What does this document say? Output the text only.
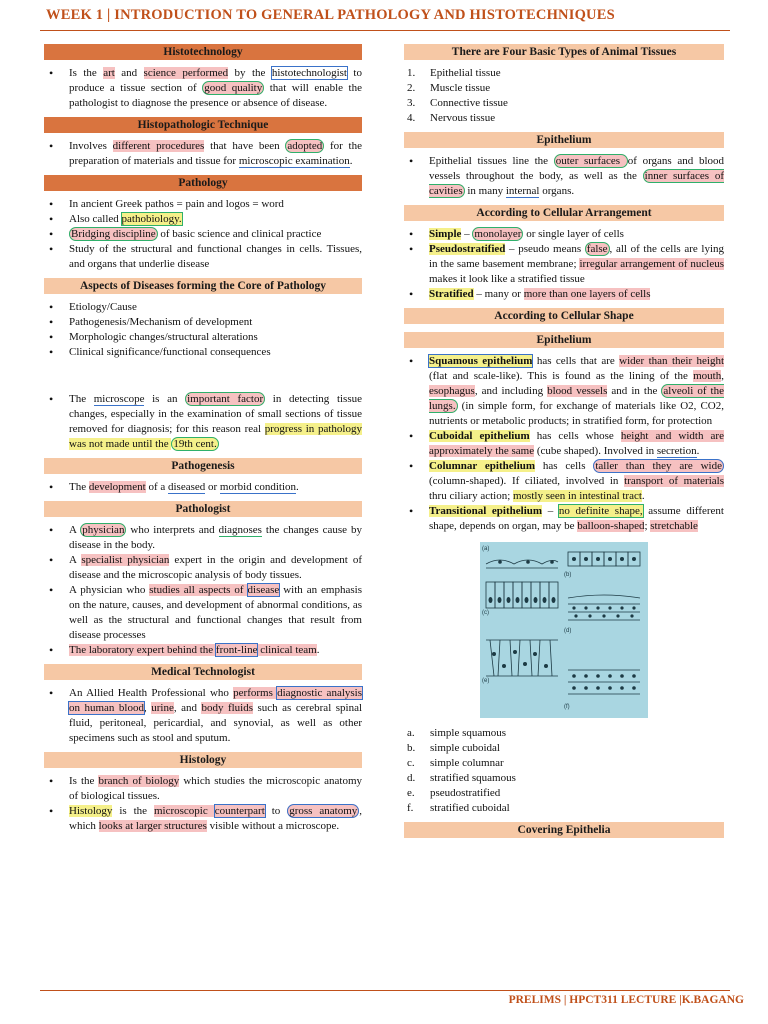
WEEK 1 | INTRODUCTION TO GENERAL PATHOLOGY AND HISTOTECHNIQUES
Histotechnology
• Is the art and science performed by the histotechnologist to produce a tissue section of good quality that will enable the pathologist to diagnose the presence or absence of disease.
Histopathologic Technique
• Involves different procedures that have been adopted for the preparation of materials and tissue for microscopic examination.
Pathology
• In ancient Greek pathos = pain and logos = word
• Also called pathobiology.
• Bridging discipline of basic science and clinical practice
• Study of the structural and functional changes in cells. Tissues, and organs that underlie disease
Aspects of Diseases forming the Core of Pathology
• Etiology/Cause
• Pathogenesis/Mechanism of development
• Morphologic changes/structural alterations
• Clinical significance/functional consequences
• The microscope is an important factor in detecting tissue changes, especially in the examination of small sections of tissue removed for diagnosis; for this reason real progress in pathology was not made until the 19th cent.
Pathogenesis
• The development of a diseased or morbid condition.
Pathologist
• A physician who interprets and diagnoses the changes cause by disease in the body.
• A specialist physician expert in the origin and development of disease and the microscopic analysis of body tissues.
• A physician who studies all aspects of disease with an emphasis on the nature, causes, and development of abnormal conditions, as well as the structural and functional changes that result from disease processes
• The laboratory expert behind the front-line clinical team.
Medical Technologist
• An Allied Health Professional who performs diagnostic analysis on human blood, urine, and body fluids such as cerebral spinal fluid, peritoneal, pericardial, and synovial, as well as other specimens such as stool and sputum.
Histology
• Is the branch of biology which studies the microscopic anatomy of biological tissues.
• Histology is the microscopic counterpart to gross anatomy , which looks at larger structures visible without a microscope.
There are Four Basic Types of Animal Tissues
1. Epithelial tissue
2. Muscle tissue
3. Connective tissue
4. Nervous tissue
Epithelium
• Epithelial tissues line the outer surfaces of organs and blood vessels throughout the body, as well as the inner surfaces of cavities in many internal organs.
According to Cellular Arrangement
• Simple – monolayer or single layer of cells
• Pseudostratified – pseudo means false , all of the cells are lying in the same basement membrane; irregular arrangement of nucleus makes it look like a stratified tissue
• Stratified – many or more than one layers of cells
According to Cellular Shape
Epithelium
• Squamous epithelium has cells that are wider than their height (flat and scale-like). This is found as the lining of the mouth, esophagus, and including blood vessels and in the alveoli of the lungs. (in simple form, for exchange of materials like O2, CO2, nutrients or metabolic products; in stratified form, for protection
• Cuboidal epithelium has cells whose height and width are approximately the same (cube shaped). Involved in secretion.
• Columnar epithelium has cells taller than they are wide (column-shaped). If ciliated, involved in transport of materials thru ciliary action; mostly seen in intestinal tract.
• Transitional epithelium – no definite shape, assume different shape, depends on organ, may be balloon-shaped; stretchable
(a)
(b)
(c)
(d)
(e)
(f)
a. simple squamous
b. simple cuboidal
c. simple columnar
d. stratified squamous
e. pseudostratified
f. stratified cuboidal
Covering Epithelia

PRELIMS | HPCT311 LECTURE |K.BAGANG
